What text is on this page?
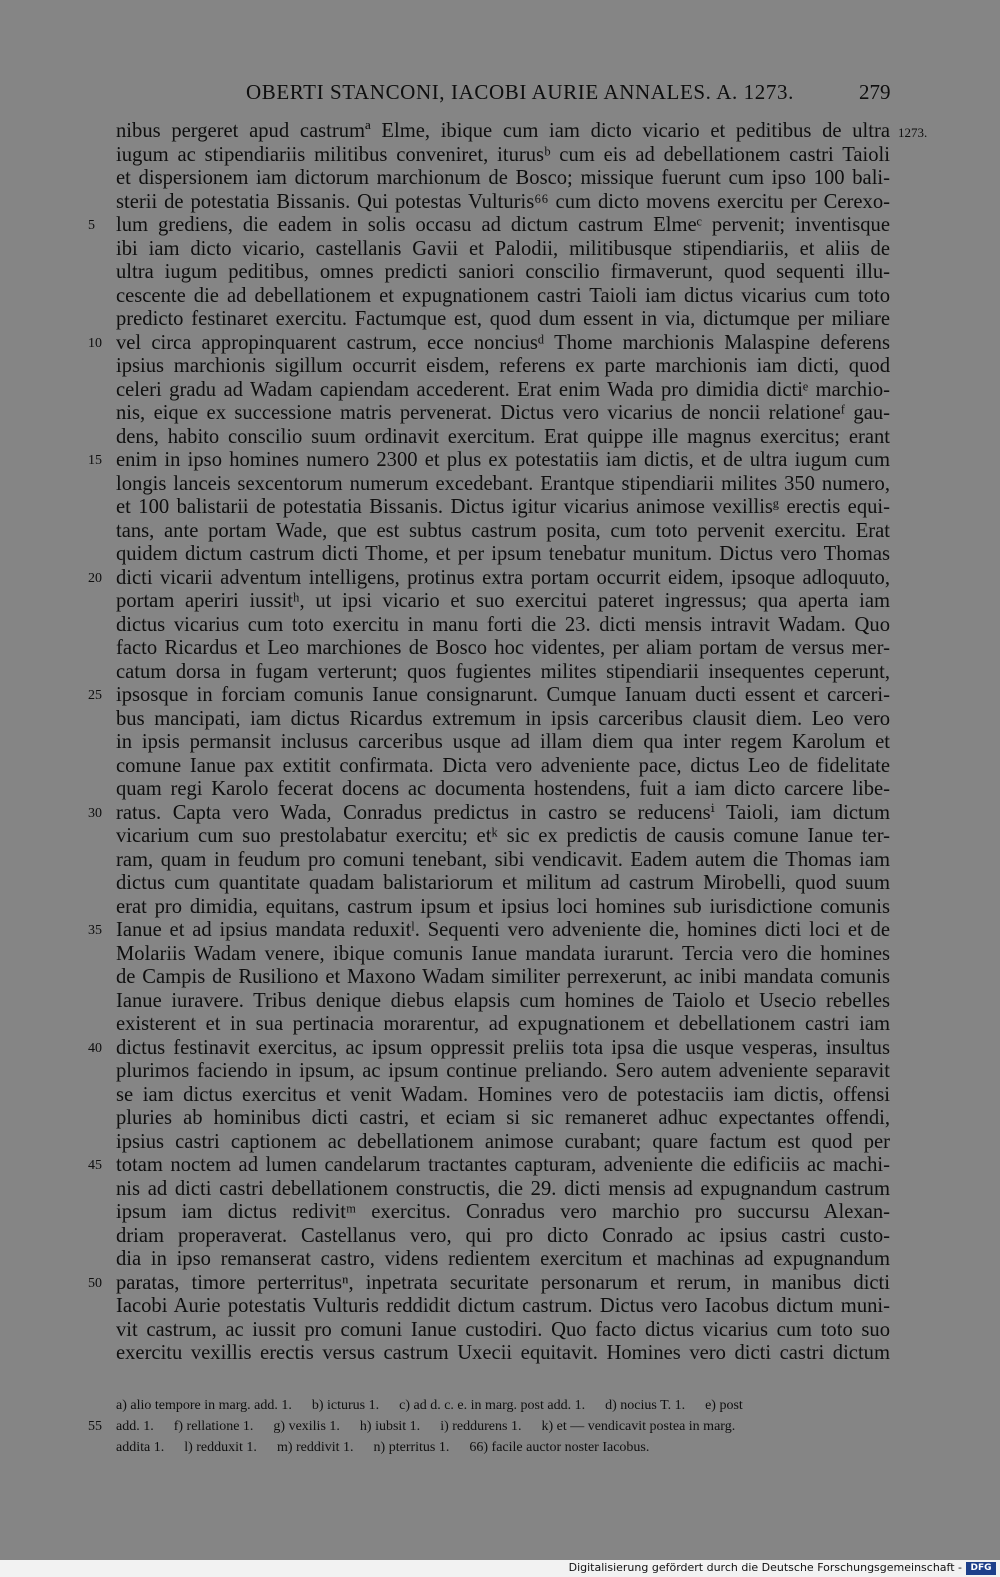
OBERTI STANCONI, IACOBI AURIE ANNALES. A. 1273.	279
1273.
nibus pergeret apud castrumª Elme, ibique cum iam dicto vicario et peditibus de ultra
iugum ac stipendiariis militibus conveniret, iturusᵇ cum eis ad debellationem castri Taioli
et dispersionem iam dictorum marchionum de Bosco; missique fuerunt cum ipso 100 bali-
sterii de potestatia Bissanis. Qui potestas Vulturis⁶⁶ cum dicto movens exercitu per Cerexo-
lum grediens, die eadem in solis occasu ad dictum castrum Elmeᶜ pervenit; inventisque
5
ibi iam dicto vicario, castellanis Gavii et Palodii, militibusque stipendiariis, et aliis de
ultra iugum peditibus, omnes predicti saniori conscilio firmaverunt, quod sequenti illu-
cescente die ad debellationem et expugnationem castri Taioli iam dictus vicarius cum toto
predicto festinaret exercitu. Factumque est, quod dum essent in via, dictumque per miliare
vel circa appropinquarent castrum, ecce nonciusᵈ Thome marchionis Malaspine deferens
10
ipsius marchionis sigillum occurrit eisdem, referens ex parte marchionis iam dicti, quod
celeri gradu ad Wadam capiendam accederent. Erat enim Wada pro dimidia dictiᵉ marchio-
nis, eique ex successione matris pervenerat. Dictus vero vicarius de noncii relationeᶠ gau-
dens, habito conscilio suum ordinavit exercitum. Erat quippe ille magnus exercitus; erant
enim in ipso homines numero 2300 et plus ex potestatiis iam dictis, et de ultra iugum cum
15
longis lanceis sexcentorum numerum excedebant. Erantque stipendiarii milites 350 numero,
et 100 balistarii de potestatia Bissanis. Dictus igitur vicarius animose vexillisᵍ erectis equi-
tans, ante portam Wade, que est subtus castrum posita, cum toto pervenit exercitu. Erat
quidem dictum castrum dicti Thome, et per ipsum tenebatur munitum. Dictus vero Thomas
dicti vicarii adventum intelligens, protinus extra portam occurrit eidem, ipsoque adloquuto,
20
portam aperiri iussitʰ, ut ipsi vicario et suo exercitui pateret ingressus; qua aperta iam
dictus vicarius cum toto exercitu in manu forti die 23. dicti mensis intravit Wadam. Quo
facto Ricardus et Leo marchiones de Bosco hoc videntes, per aliam portam de versus mer-
catum dorsa in fugam verterunt; quos fugientes milites stipendiarii insequentes ceperunt,
ipsosque in forciam comunis Ianue consignarunt. Cumque Ianuam ducti essent et carceri-
25
bus mancipati, iam dictus Ricardus extremum in ipsis carceribus clausit diem. Leo vero
in ipsis permansit inclusus carceribus usque ad illam diem qua inter regem Karolum et
comune Ianue pax extitit confirmata. Dicta vero adveniente pace, dictus Leo de fidelitate
quam regi Karolo fecerat docens ac documenta hostendens, fuit a iam dicto carcere libe-
ratus. Capta vero Wada, Conradus predictus in castro se reducensⁱ Taioli, iam dictum
30
vicarium cum suo prestolabatur exercitu; etᵏ sic ex predictis de causis comune Ianue ter-
ram, quam in feudum pro comuni tenebant, sibi vendicavit. Eadem autem die Thomas iam
dictus cum quantitate quadam balistariorum et militum ad castrum Mirobelli, quod suum
erat pro dimidia, equitans, castrum ipsum et ipsius loci homines sub iurisdictione comunis
Ianue et ad ipsius mandata reduxitˡ. Sequenti vero adveniente die, homines dicti loci et de
35
Molariis Wadam venere, ibique comunis Ianue mandata iurarunt. Tercia vero die homines
de Campis de Rusiliono et Maxono Wadam similiter perrexerunt, ac inibi mandata comunis
Ianue iuravere. Tribus denique diebus elapsis cum homines de Taiolo et Usecio rebelles
existerent et in sua pertinacia morarentur, ad expugnationem et debellationem castri iam
dictus festinavit exercitus, ac ipsum oppressit preliis tota ipsa die usque vesperas, insultus
40
plurimos faciendo in ipsum, ac ipsum continue preliando. Sero autem adveniente separavit
se iam dictus exercitus et venit Wadam. Homines vero de potestaciis iam dictis, offensi
pluries ab hominibus dicti castri, et eciam si sic remaneret adhuc expectantes offendi,
ipsius castri captionem ac debellationem animose curabant; quare factum est quod per
totam noctem ad lumen candelarum tractantes capturam, adveniente die edificiis ac machi-
45
nis ad dicti castri debellationem constructis, die 29. dicti mensis ad expugnandum castrum
ipsum iam dictus redivitᵐ exercitus. Conradus vero marchio pro succursu Alexan-
driam properaverat. Castellanus vero, qui pro dicto Conrado ac ipsius castri custo-
dia in ipso remanserat castro, videns redientem exercitum et machinas ad expugnandum
paratas, timore perterritusⁿ, inpetrata securitate personarum et rerum, in manibus dicti
50
Iacobi Aurie potestatis Vulturis reddidit dictum castrum. Dictus vero Iacobus dictum muni-
vit castrum, ac iussit pro comuni Ianue custodiri. Quo facto dictus vicarius cum toto suo
exercitu vexillis erectis versus castrum Uxecii equitavit. Homines vero dicti castri dictum
a) alio tempore in marg. add. 1. b) icturus 1. c) ad d. c. e. in marg. post add. 1. d) nocius T. 1. e) post
add. 1. f) rellatione 1. g) vexilis 1. h) iubsit 1. i) reddurens 1. k) et — vendicavit postea in marg.
55
addita 1. l) redduxit 1. m) reddivit 1. n) pterritus 1. 66) facile auctor noster Iacobus.
Digitalisierung gefördert durch die Deutsche Forschungsgemeinschaft - DFG
